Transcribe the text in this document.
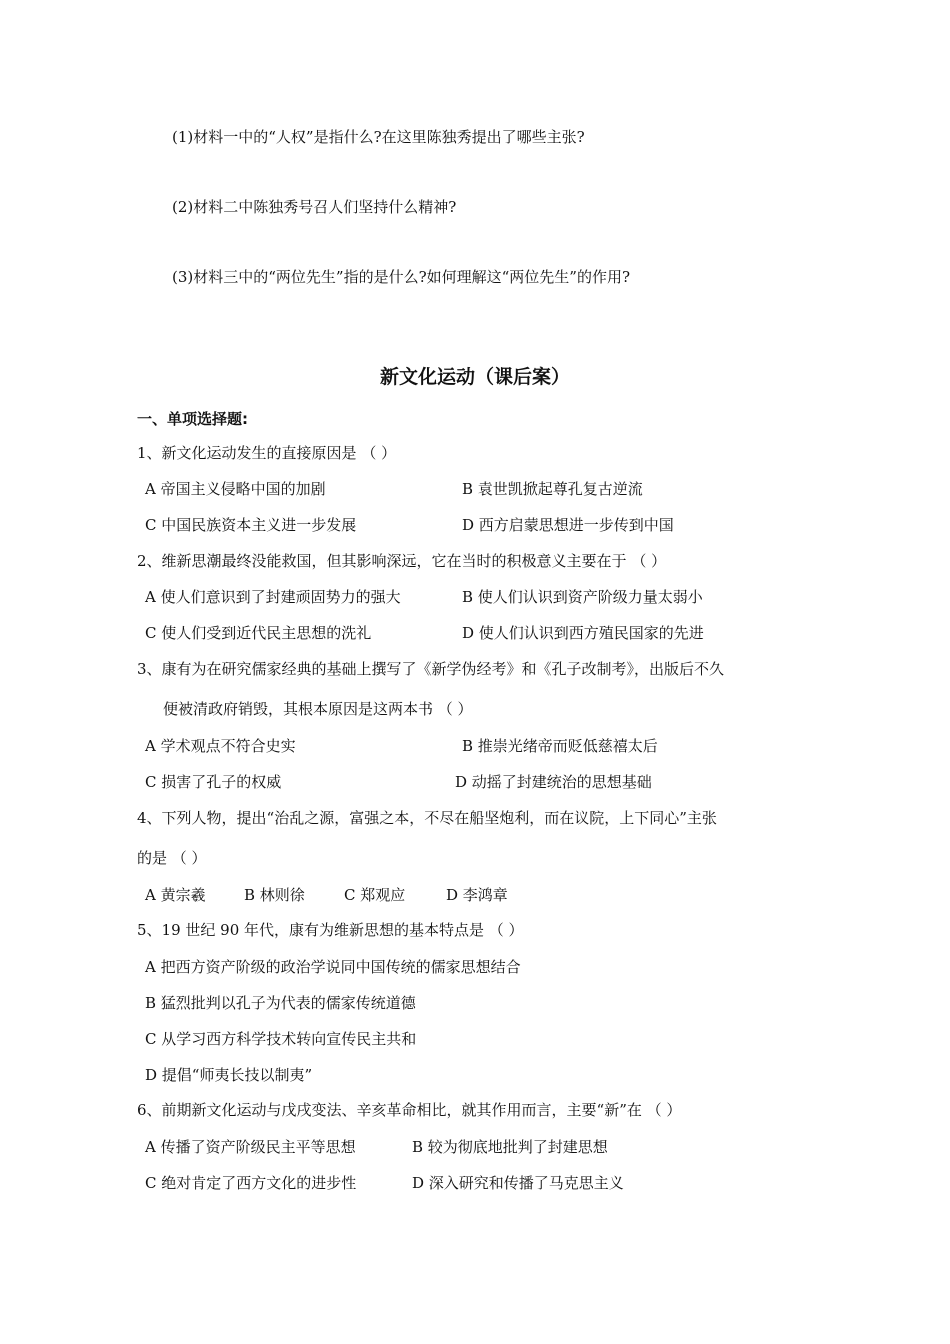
(1)材料一中的“人权”是指什么?在这里陈独秀提出了哪些主张?
(2)材料二中陈独秀号召人们坚持什么精神?
(3)材料三中的“两位先生”指的是什么?如何理解这“两位先生”的作用?
新文化运动（课后案）
一、单项选择题:
1、新文化运动发生的直接原因是 （ ）
A 帝国主义侵略中国的加剧	B 袁世凯掀起尊孔复古逆流
C 中国民族资本主义进一步发展	D 西方启蒙思想进一步传到中国
2、维新思潮最终没能救国，但其影响深远，它在当时的积极意义主要在于 （ ）
A 使人们意识到了封建顽固势力的强大	B 使人们认识到资产阶级力量太弱小
C 使人们受到近代民主思想的洗礼	D 使人们认识到西方殖民国家的先进
3、康有为在研究儒家经典的基础上撰写了《新学伪经考》和《孔子改制考》，出版后不久
便被清政府销毁，其根本原因是这两本书 （ ）
A 学术观点不符合史实	B 推崇光绪帝而贬低慈禧太后
C 损害了孔子的权威	D 动摇了封建统治的思想基础
4、下列人物，提出“治乱之源，富强之本，不尽在船坚炮利，而在议院，上下同心”主张
的是 （ ）
A 黄宗羲	B 林则徐	C 郑观应	D 李鸿章
5、19 世纪 90 年代，康有为维新思想的基本特点是 （ ）
A 把西方资产阶级的政治学说同中国传统的儒家思想结合
B 猛烈批判以孔子为代表的儒家传统道德
C 从学习西方科学技术转向宣传民主共和
D 提倡“师夷长技以制夷”
6、前期新文化运动与戊戌变法、辛亥革命相比，就其作用而言，主要“新”在 （ ）
A 传播了资产阶级民主平等思想	B 较为彻底地批判了封建思想
C 绝对肯定了西方文化的进步性	D 深入研究和传播了马克思主义
